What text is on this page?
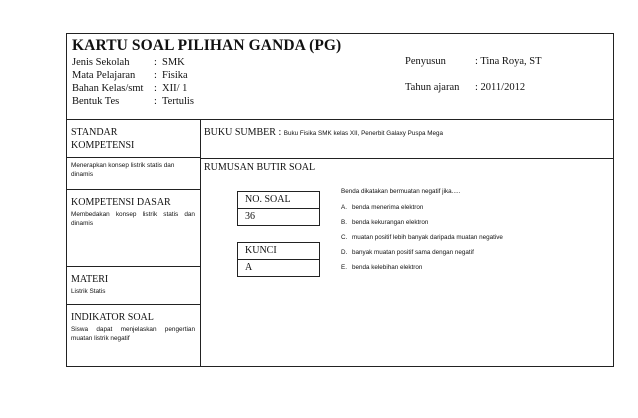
KARTU SOAL PILIHAN GANDA (PG)
Jenis Sekolah : SMK
Mata Pelajaran : Fisika
Bahan Kelas/smt : XII/ 1
Bentuk Tes	: Tertulis
Penyusun	: Tina Roya, ST
Tahun ajaran : 2011/2012
STANDAR
KOMPETENSI
Menerapkan konsep listrik statis dan dinamis
KOMPETENSI DASAR
Membedakan konsep listrik statis dan dinamis
MATERI
Listrik Statis
INDIKATOR SOAL
Siswa dapat menjelaskan pengertian muatan listrik negatif
BUKU SUMBER : Buku Fisika SMK kelas XII, Penerbit Galaxy Puspa Mega
RUMUSAN BUTIR SOAL
NO. SOAL
36
KUNCI
A
Benda dikatakan bermuatan negatif jika.....
A. benda menerima elektron
B. benda kekurangan elektron
C. muatan positif lebih banyak daripada muatan negative
D. banyak muatan positif sama dengan negatif
E. benda kelebihan elektron
